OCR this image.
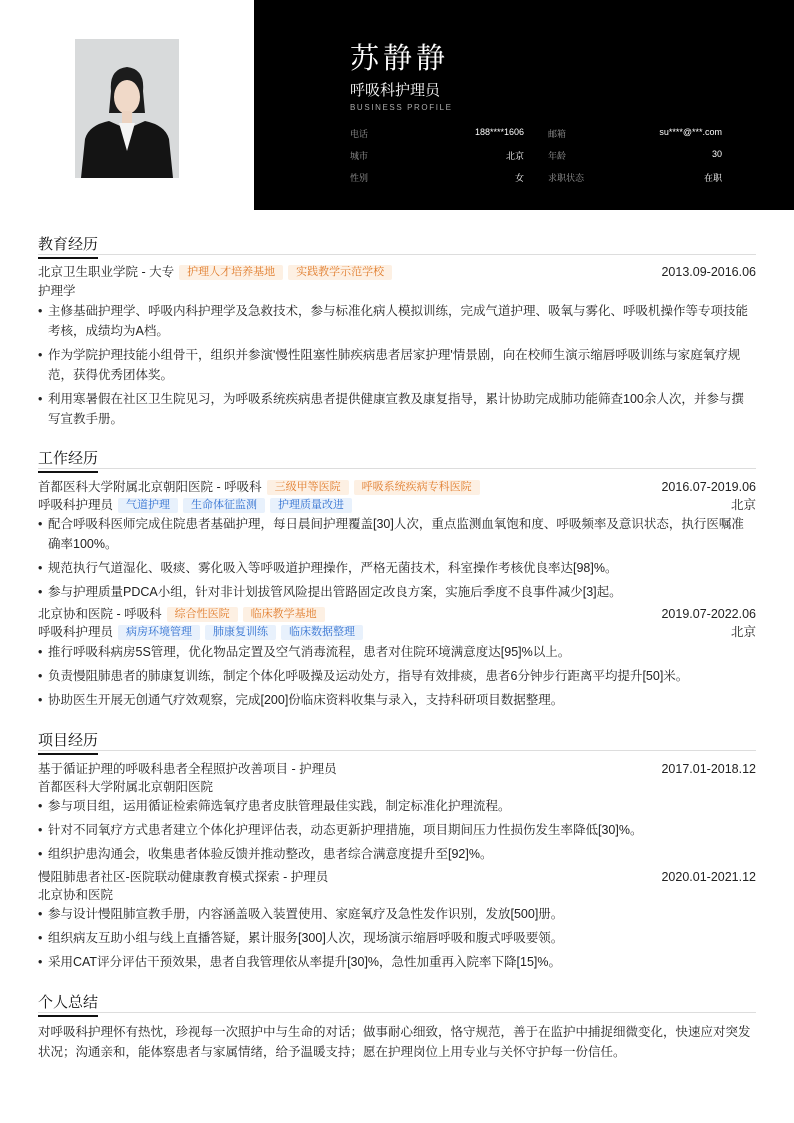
苏静静
呼吸科护理员
BUSINESS PROFILE
电话	188****1606	邮箱	su****@***.com
城市	北京	年龄	30
性别	女	求职状态	在职
教育经历
北京卫生职业学院 - 大专 护理人才培养基地 实践教学示范学校	2013.09-2016.06
护理学
• 主修基础护理学、呼吸内科护理学及急救技术，参与标准化病人模拟训练，完成气道护理、吸氧与雾化、呼吸机操作等专项技能考核，成绩均为A档。
• 作为学院护理技能小组骨干，组织并参演'慢性阻塞性肺疾病患者居家护理'情景剧，向在校师生演示缩唇呼吸训练与家庭氧疗规范，获得优秀团体奖。
• 利用寒暑假在社区卫生院见习，为呼吸系统疾病患者提供健康宣教及康复指导，累计协助完成肺功能筛查100余人次，并参与撰写宣教手册。
工作经历
首都医科大学附属北京朝阳医院 - 呼吸科 三级甲等医院 呼吸系统疾病专科医院	2016.07-2019.06
呼吸科护理员 气道护理 生命体征监测 护理质量改进	北京
• 配合呼吸科医师完成住院患者基础护理，每日晨间护理覆盖[30]人次，重点监测血氧饱和度、呼吸频率及意识状态，执行医嘱准确率100%。
• 规范执行气道湿化、吸痰、雾化吸入等呼吸道护理操作，严格无菌技术，科室操作考核优良率达[98]%。
• 参与护理质量PDCA小组，针对非计划拔管风险提出管路固定改良方案，实施后季度不良事件减少[3]起。
北京协和医院 - 呼吸科 综合性医院 临床教学基地	2019.07-2022.06
呼吸科护理员 病房环境管理 肺康复训练 临床数据整理	北京
• 推行呼吸科病房5S管理，优化物品定置及空气消毒流程，患者对住院环境满意度达[95]%以上。
• 负责慢阻肺患者的肺康复训练，制定个体化呼吸操及运动处方，指导有效排痰，患者6分钟步行距离平均提升[50]米。
• 协助医生开展无创通气疗效观察，完成[200]份临床资料收集与录入，支持科研项目数据整理。
项目经历
基于循证护理的呼吸科患者全程照护改善项目 - 护理员	2017.01-2018.12
首都医科大学附属北京朝阳医院
• 参与项目组，运用循证检索筛选氧疗患者皮肤管理最佳实践，制定标准化护理流程。
• 针对不同氧疗方式患者建立个体化护理评估表，动态更新护理措施，项目期间压力性损伤发生率降低[30]%。
• 组织护患沟通会，收集患者体验反馈并推动整改，患者综合满意度提升至[92]%。
慢阻肺患者社区-医院联动健康教育模式探索 - 护理员	2020.01-2021.12
北京协和医院
• 参与设计慢阻肺宣教手册，内容涵盖吸入装置使用、家庭氧疗及急性发作识别，发放[500]册。
• 组织病友互助小组与线上直播答疑，累计服务[300]人次，现场演示缩唇呼吸和腹式呼吸要领。
• 采用CAT评分评估干预效果，患者自我管理依从率提升[30]%，急性加重再入院率下降[15]%。
个人总结
对呼吸科护理怀有热忱，珍视每一次照护中与生命的对话；做事耐心细致，恪守规范，善于在监护中捕捉细微变化，快速应对突发状况；沟通亲和，能体察患者与家属情绪，给予温暖支持；愿在护理岗位上用专业与关怀守护每一份信任。
